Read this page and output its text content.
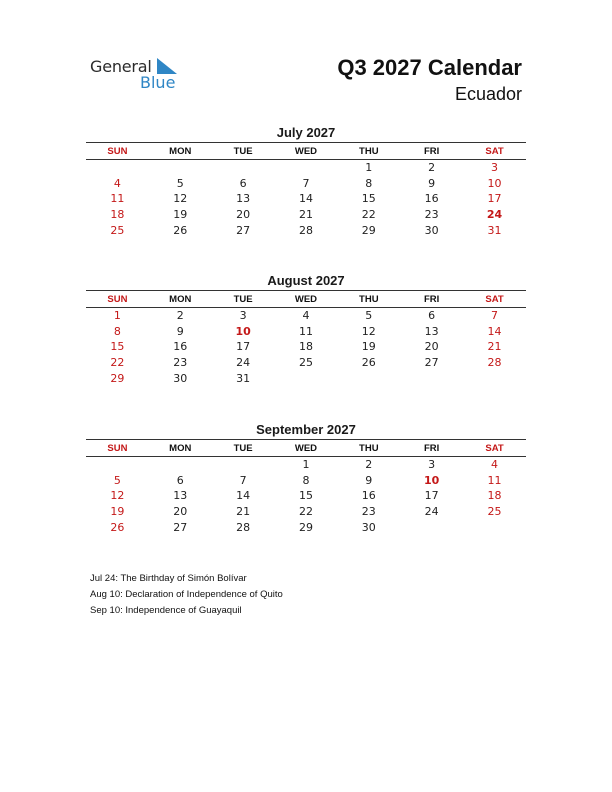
General
Blue
Q3 2027 Calendar
Ecuador
July 2027
SUN	MON	TUE	WED	THU	FRI	SAT
				1	2	3
4	5	6	7	8	9	10
11	12	13	14	15	16	17
18	19	20	21	22	23	24
25	26	27	28	29	30	31
August 2027
SUN	MON	TUE	WED	THU	FRI	SAT
1	2	3	4	5	6	7
8	9	10	11	12	13	14
15	16	17	18	19	20	21
22	23	24	25	26	27	28
29	30	31				
September 2027
SUN	MON	TUE	WED	THU	FRI	SAT
			1	2	3	4
5	6	7	8	9	10	11
12	13	14	15	16	17	18
19	20	21	22	23	24	25
26	27	28	29	30		
Jul 24: The Birthday of Simón Bolívar
Aug 10: Declaration of Independence of Quito
Sep 10: Independence of Guayaquil
